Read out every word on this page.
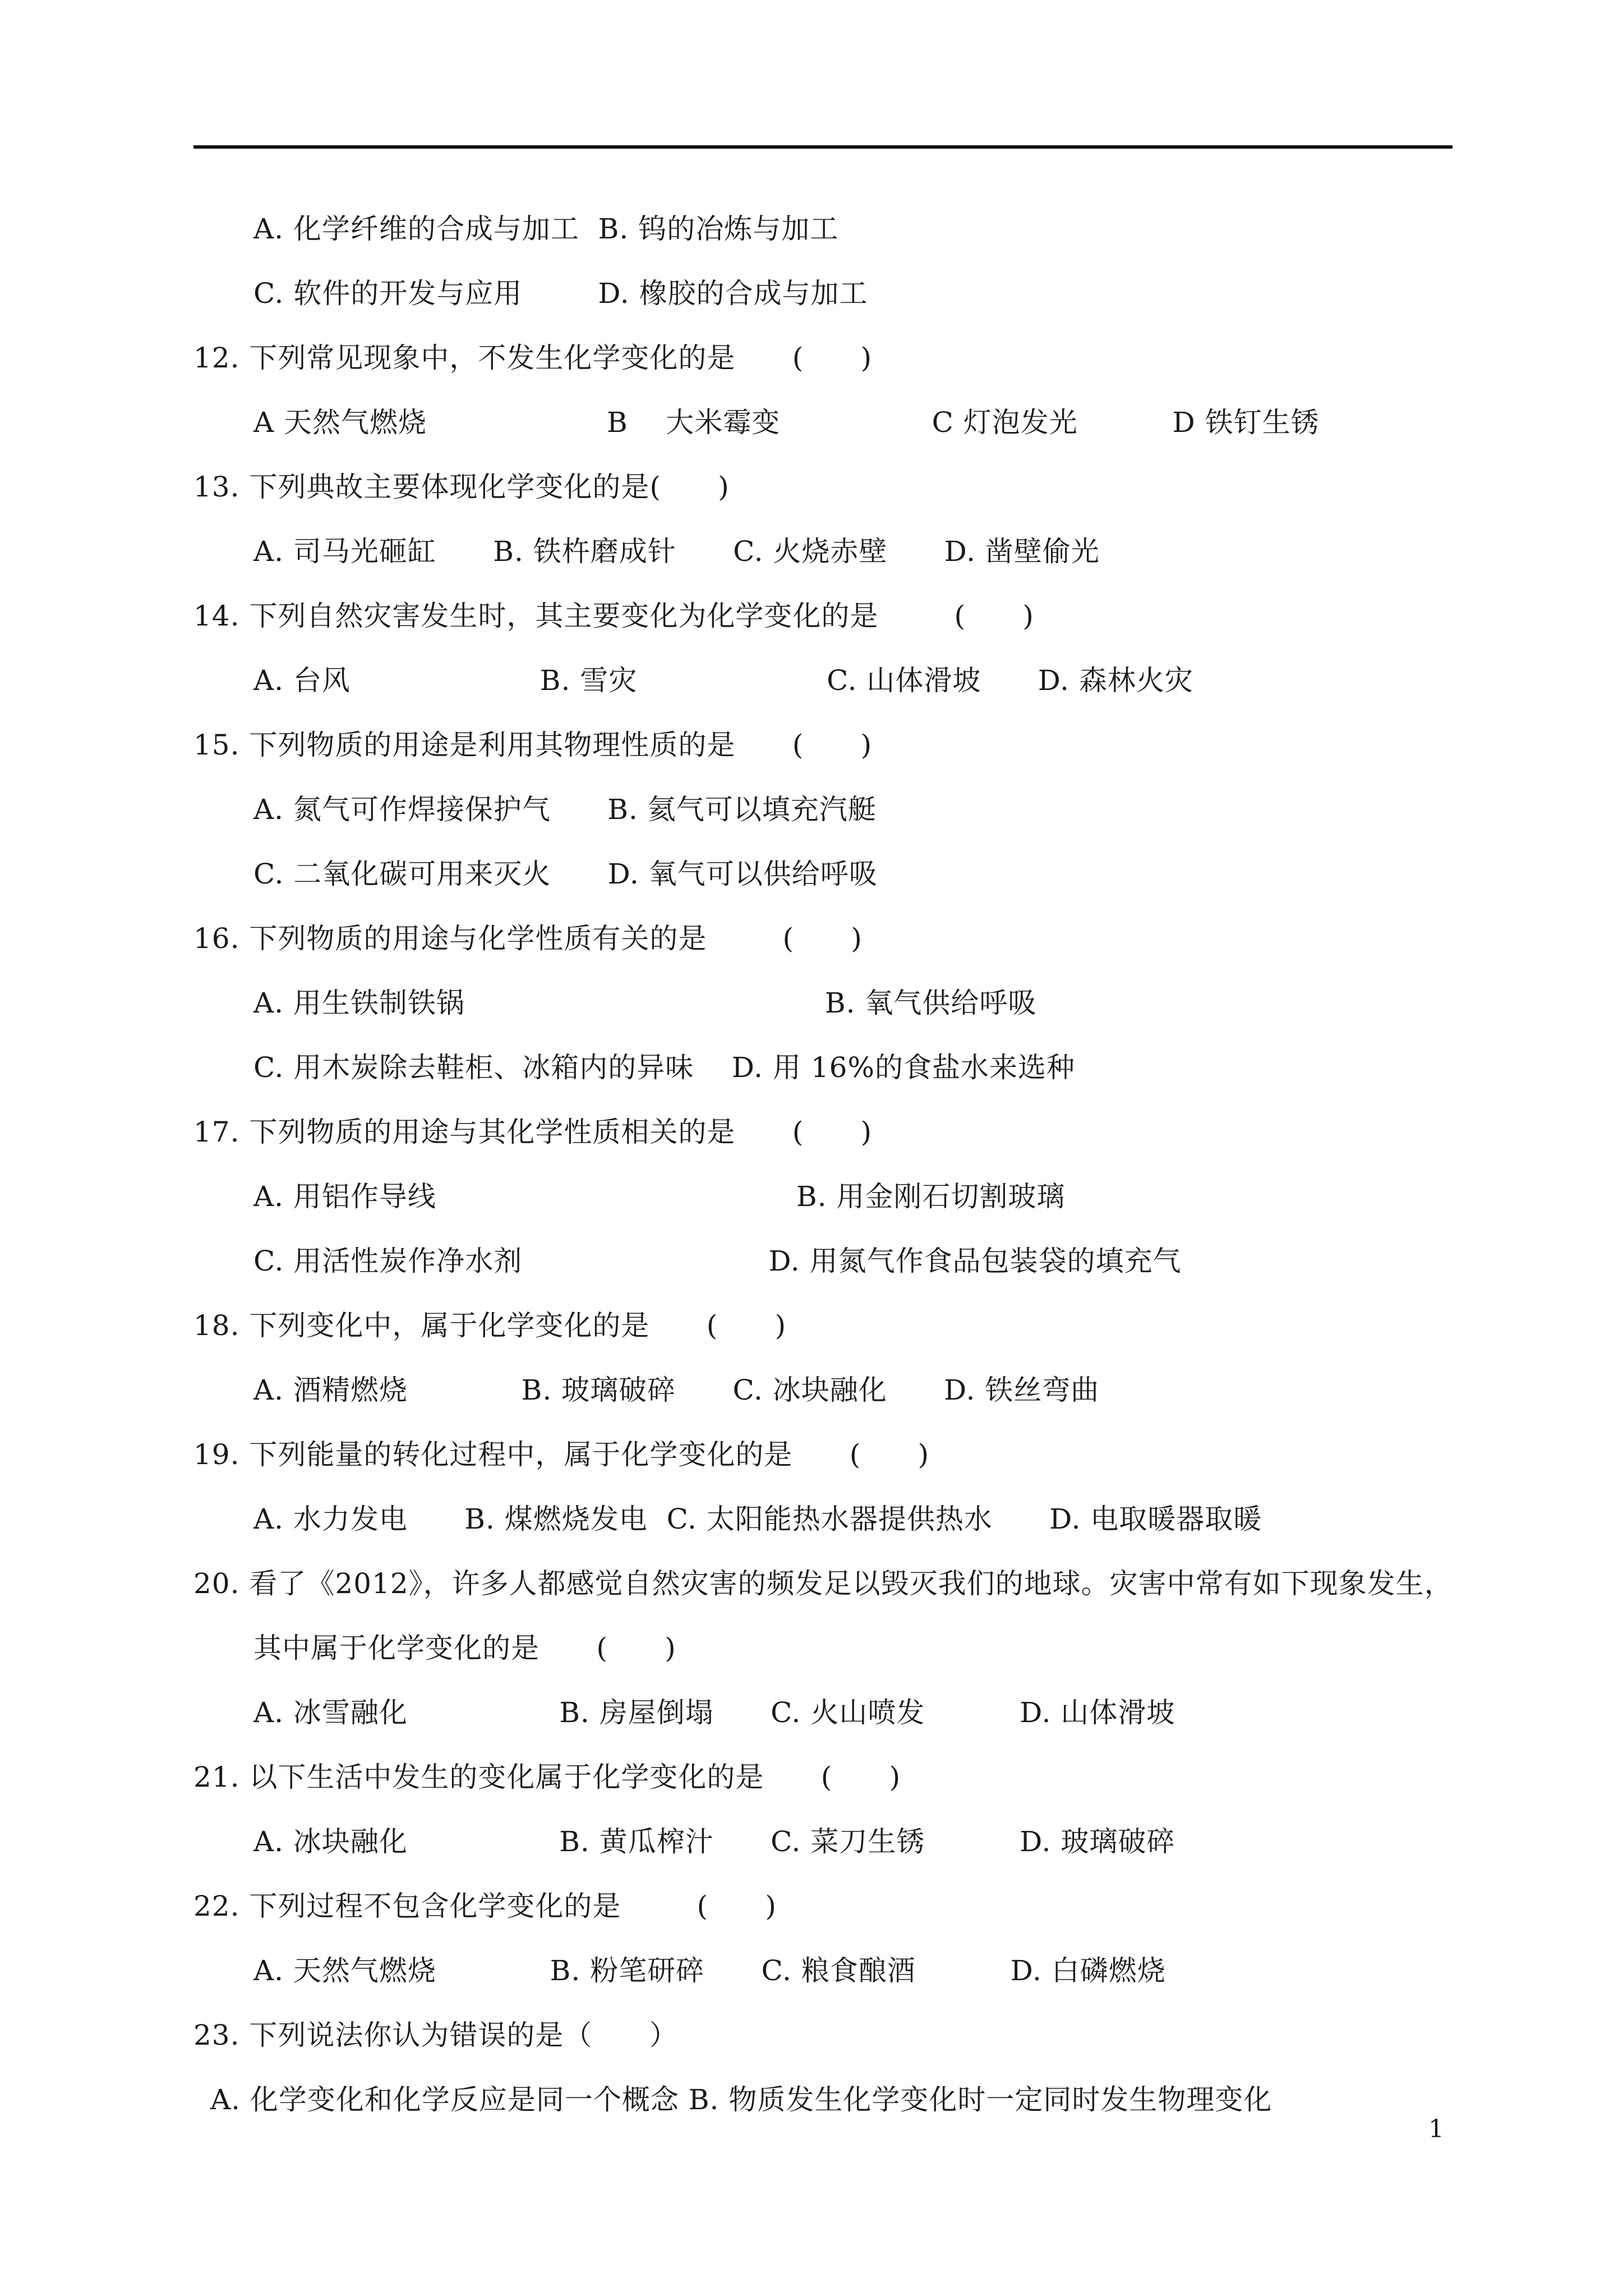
A. 化学纤维的合成与加工  B. 钨的冶炼与加工
C. 软件的开发与应用        D. 橡胶的合成与加工
12. 下列常见现象中，不发生化学变化的是      (      )
A 天然气燃烧                   B    大米霉变                C 灯泡发光          D 铁钉生锈
13. 下列典故主要体现化学变化的是(      )
A. 司马光砸缸      B. 铁杵磨成针      C. 火烧赤壁      D. 凿壁偷光
14. 下列自然灾害发生时，其主要变化为化学变化的是        (      )
A. 台风                    B. 雪灾                    C. 山体滑坡      D. 森林火灾
15. 下列物质的用途是利用其物理性质的是      (      )
A. 氮气可作焊接保护气      B. 氦气可以填充汽艇
C. 二氧化碳可用来灭火      D. 氧气可以供给呼吸
16. 下列物质的用途与化学性质有关的是        (      )
A. 用生铁制铁锅                                      B. 氧气供给呼吸
C. 用木炭除去鞋柜、冰箱内的异味    D. 用 16%的食盐水来选种
17. 下列物质的用途与其化学性质相关的是      (      )
A. 用铝作导线                                      B. 用金刚石切割玻璃
C. 用活性炭作净水剂                          D. 用氮气作食品包装袋的填充气
18. 下列变化中，属于化学变化的是      (      )
A. 酒精燃烧            B. 玻璃破碎      C. 冰块融化      D. 铁丝弯曲
19. 下列能量的转化过程中，属于化学变化的是      (      )
A. 水力发电      B. 煤燃烧发电  C. 太阳能热水器提供热水      D. 电取暖器取暖
20. 看了《2012》，许多人都感觉自然灾害的频发足以毁灭我们的地球。灾害中常有如下现象发生，
其中属于化学变化的是      (      )
A. 冰雪融化                B. 房屋倒塌      C. 火山喷发          D. 山体滑坡
21. 以下生活中发生的变化属于化学变化的是      (      )
A. 冰块融化                B. 黄瓜榨汁      C. 菜刀生锈          D. 玻璃破碎
22. 下列过程不包含化学变化的是        (      )
A. 天然气燃烧            B. 粉笔研碎      C. 粮食酿酒          D. 白磷燃烧
23. 下列说法你认为错误的是（      ）
A. 化学变化和化学反应是同一个概念 B. 物质发生化学变化时一定同时发生物理变化
1
